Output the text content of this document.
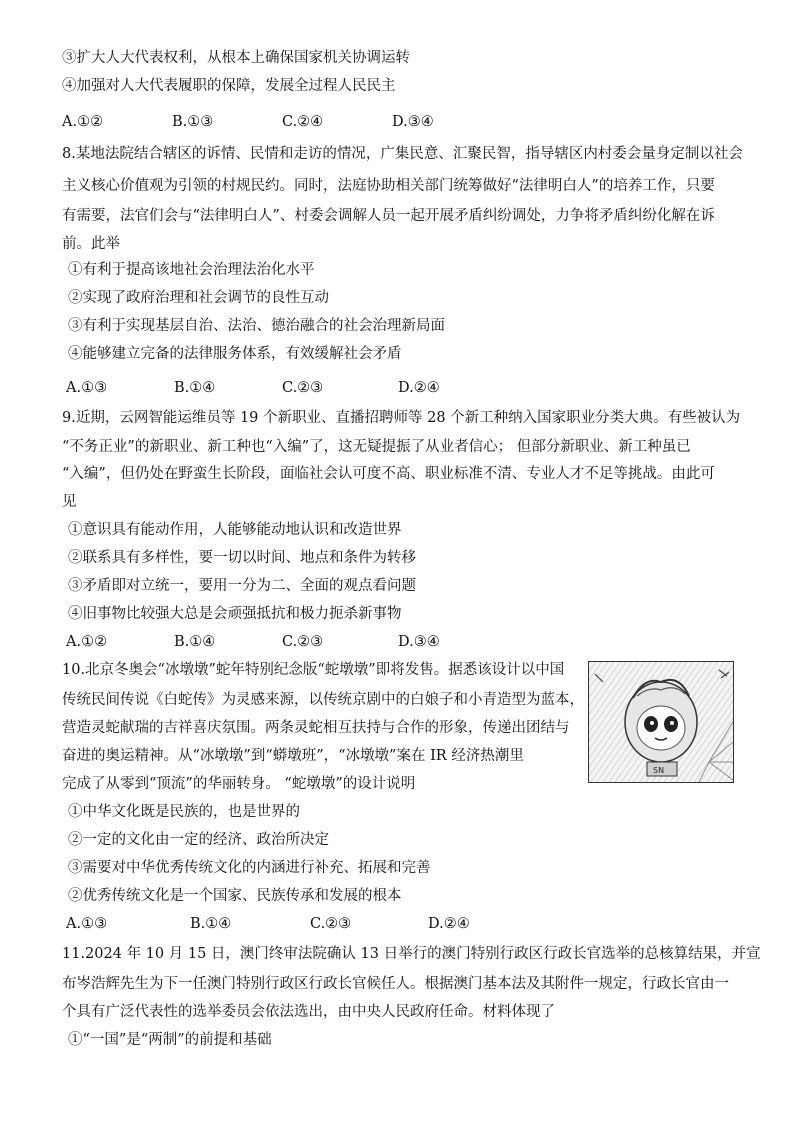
③扩大人大代表权利，从根本上确保国家机关协调运转
④加强对人大代表履职的保障，发展全过程人民民主
A.①②	B.①③	C.②④	D.③④
8.某地法院结合辖区的诉情、民情和走访的情况，广集民意、汇聚民智，指导辖区内村委会量身定制以社会
主义核心价值观为引领的村规民约。同时，法庭协助相关部门统筹做好“法律明白人”的培养工作，只要
有需要，法官们会与“法律明白人”、村委会调解人员一起开展矛盾纠纷调处，力争将矛盾纠纷化解在诉
前。此举
①有利于提高该地社会治理法治化水平
②实现了政府治理和社会调节的良性互动
③有利于实现基层自治、法治、德治融合的社会治理新局面
④能够建立完备的法律服务体系，有效缓解社会矛盾
A.①③	B.①④	C.②③	D.②④
9.近期，云网智能运维员等 19 个新职业、直播招聘师等 28 个新工种纳入国家职业分类大典。有些被认为
“不务正业”的新职业、新工种也“入编”了，这无疑提振了从业者信心； 但部分新职业、新工种虽已
“入编”，但仍处在野蛮生长阶段，面临社会认可度不高、职业标准不清、专业人才不足等挑战。由此可
见
①意识具有能动作用，人能够能动地认识和改造世界
②联系具有多样性，要一切以时间、地点和条件为转移
③矛盾即对立统一，要用一分为二、全面的观点看问题
④旧事物比较强大总是会顽强抵抗和极力扼杀新事物
A.①②	B.①④	C.②③	D.③④
10.北京冬奥会“冰墩墩”蛇年特别纪念版“蛇墩墩”即将发售。据悉该设计以中国
传统民间传说《白蛇传》为灵感来源，以传统京剧中的白娘子和小青造型为蓝本，
营造灵蛇献瑞的吉祥喜庆氛围。两条灵蛇相互扶持与合作的形象，传递出团结与
奋进的奥运精神。从“冰墩墩”到“蟒墩班”，“冰墩墩”案在 IR 经济热潮里
完成了从零到“顶流”的华丽转身。 “蛇墩墩”的设计说明
SN
①中华文化既是民族的，也是世界的
②一定的文化由一定的经济、政治所决定
③需要对中华优秀传统文化的内涵进行补充、拓展和完善
②优秀传统文化是一个国家、民族传承和发展的根本
A.①③	B.①④	C.②③	D.②④
11.2024 年 10 月 15 日，澳门终审法院确认 13 日举行的澳门特别行政区行政长官选举的总核算结果，并宣
布岑浩辉先生为下一任澳门特别行政区行政长官候任人。根据澳门基本法及其附件一规定，行政长官由一
个具有广泛代表性的选举委员会依法选出，由中央人民政府任命。材料体现了
①“一国”是“两制”的前提和基础
